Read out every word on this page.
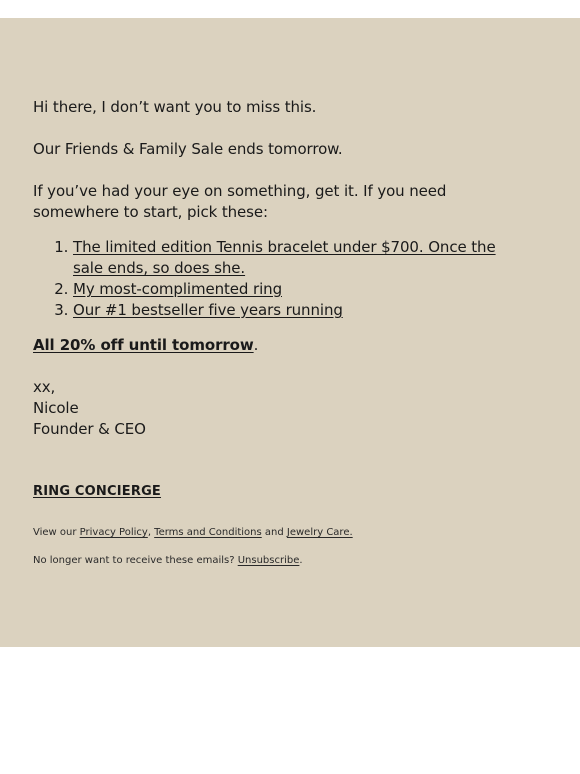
Hi there, I don’t want you to miss this.

Our Friends & Family Sale ends tomorrow.

If you’ve had your eye on something, get it. If you need somewhere to start, pick these:

1. The limited edition Tennis bracelet under $700. Once the sale ends, so does she.
2. My most-complimented ring
3. Our #1 bestseller five years running

All 20% off until tomorrow.

xx,
Nicole
Founder & CEO
RING CONCIERGE

View our Privacy Policy, Terms and Conditions and Jewelry Care.

No longer want to receive these emails? Unsubscribe.
